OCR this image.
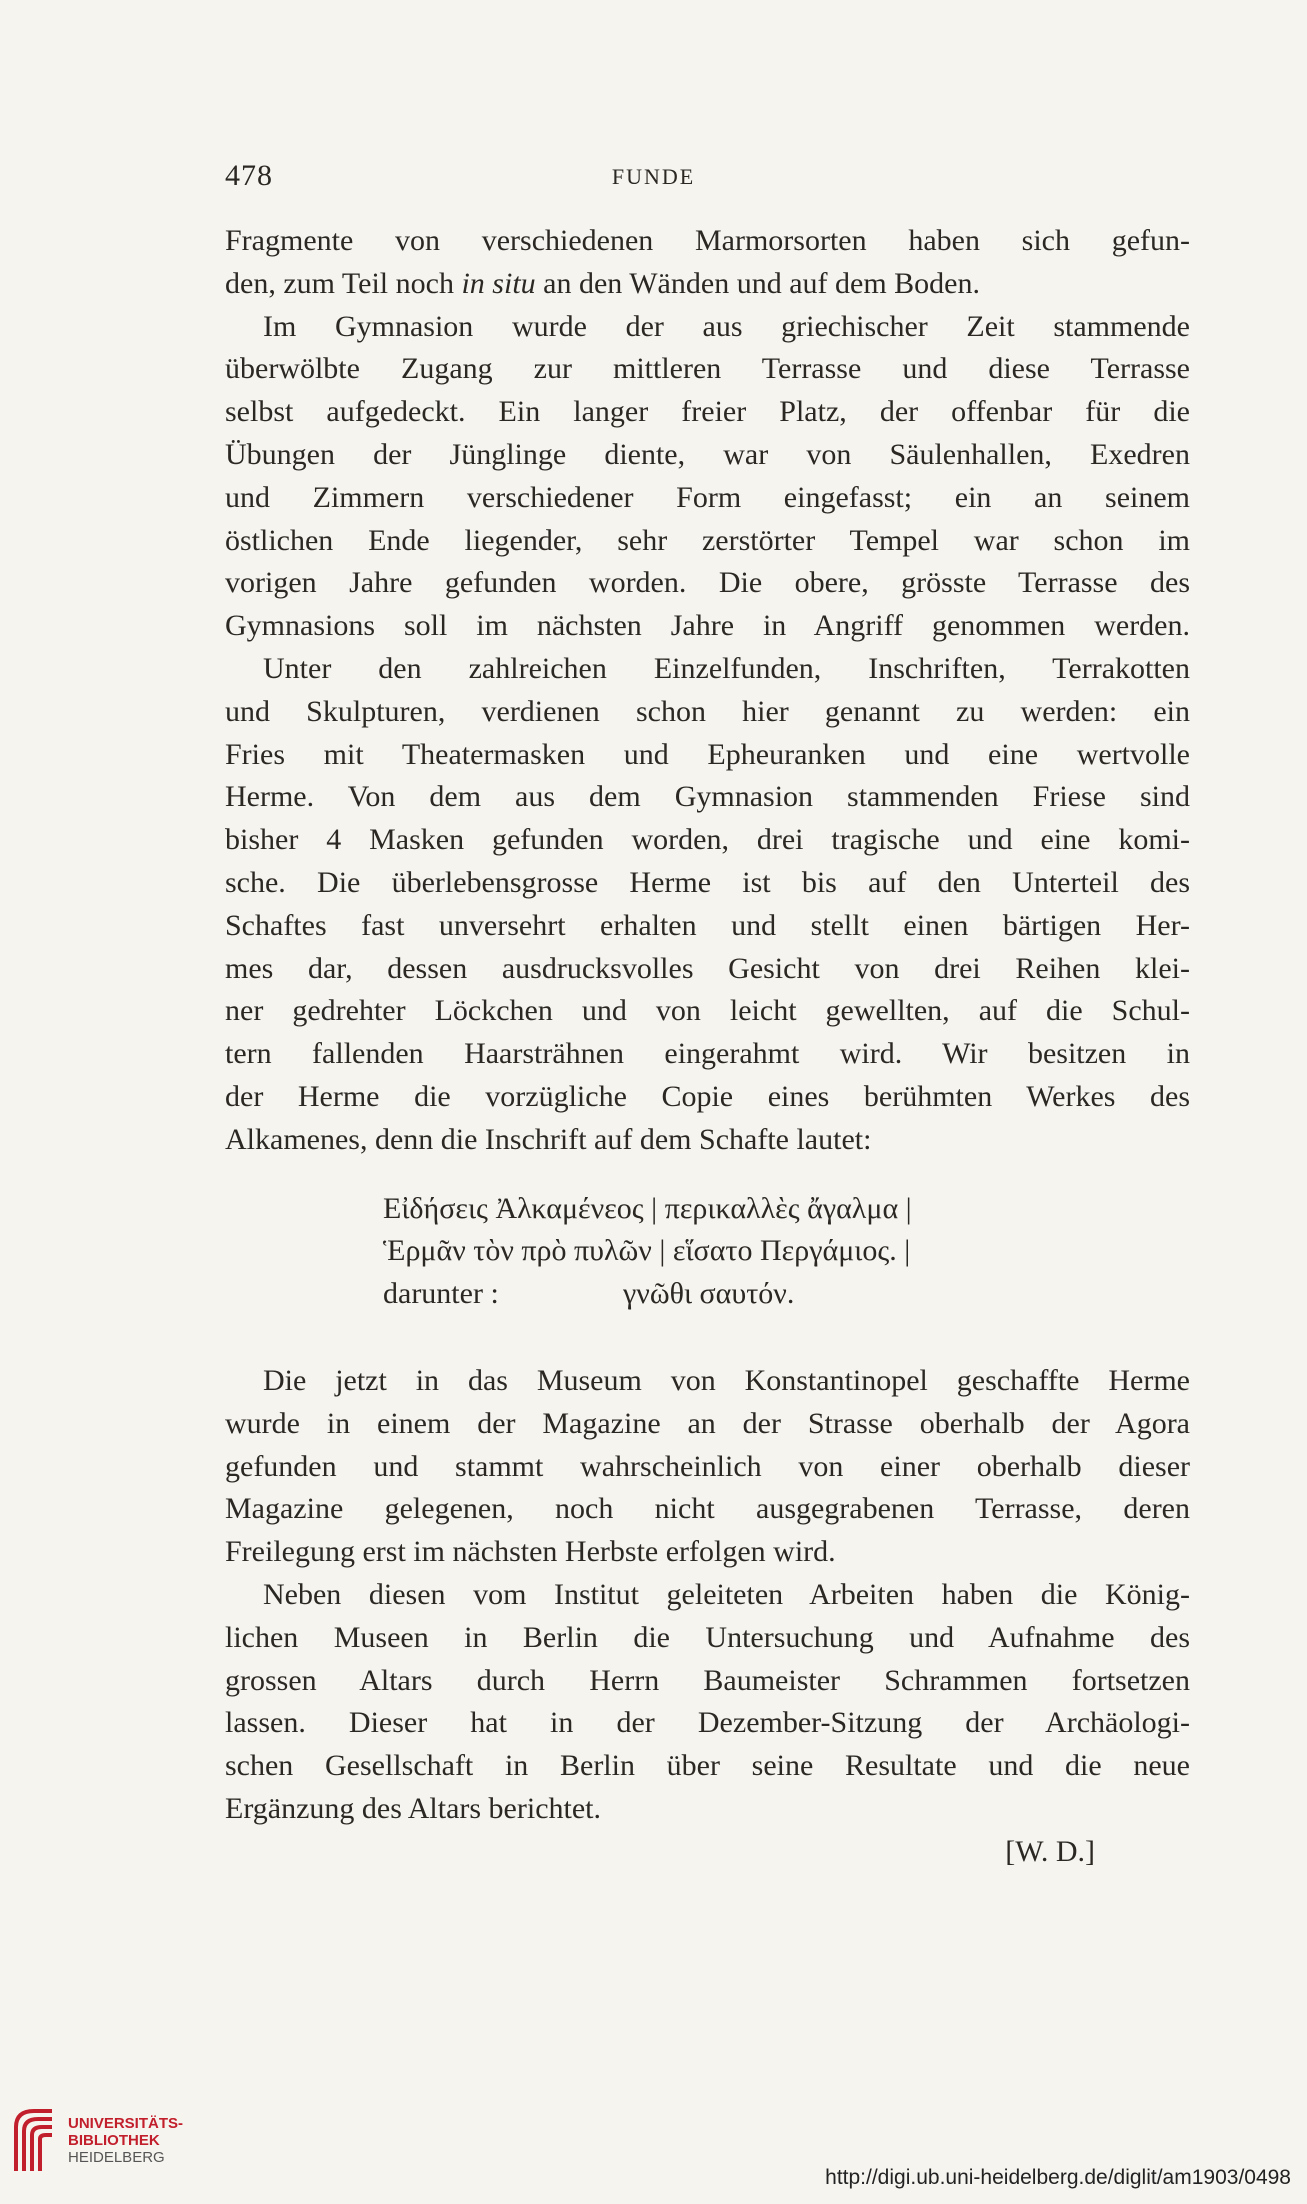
478	FUNDE

Fragmente von verschiedenen Marmorsorten haben sich gefun-

den, zum Teil noch in situ an den Wänden und auf dem Boden.

Im Gymnasion wurde der aus griechischer Zeit stammende

überwölbte Zugang zur mittleren Terrasse und diese Terrasse

selbst aufgedeckt. Ein langer freier Platz, der offenbar für die

Übungen der Jünglinge diente, war von Säulenhallen, Exedren

und Zimmern verschiedener Form eingefasst; ein an seinem

östlichen Ende liegender, sehr zerstörter Tempel war schon im

vorigen Jahre gefunden worden. Die obere, grösste Terrasse des

Gymnasions soll im nächsten Jahre in Angriff genommen werden.

Unter den zahlreichen Einzelfunden, Inschriften, Terrakotten

und Skulpturen, verdienen schon hier genannt zu werden: ein

Fries mit Theatermasken und Epheuranken und eine wertvolle

Herme. Von dem aus dem Gymnasion stammenden Friese sind

bisher 4 Masken gefunden worden, drei tragische und eine komi-

sche. Die überlebensgrosse Herme ist bis auf den Unterteil des

Schaftes fast unversehrt erhalten und stellt einen bärtigen Her-

mes dar, dessen ausdrucksvolles Gesicht von drei Reihen klei-

ner gedrehter Löckchen und von leicht gewellten, auf die Schul-

tern fallenden Haarsträhnen eingerahmt wird. Wir besitzen in

der Herme die vorzügliche Copie eines berühmten Werkes des

Alkamenes, denn die Inschrift auf dem Schafte lautet:

Εἰδήσεις Ἀλκαμένεος | περικαλλὲς ἄγαλμα |
Ἑρμᾶν τὸν πρὸ πυλῶν | εἵσατο Περγάμιος. |
darunter :	γνῶθι σαυτόν.

Die jetzt in das Museum von Konstantinopel geschaffte Herme

wurde in einem der Magazine an der Strasse oberhalb der Agora

gefunden und stammt wahrscheinlich von einer oberhalb dieser

Magazine gelegenen, noch nicht ausgegrabenen Terrasse, deren

Freilegung erst im nächsten Herbste erfolgen wird.

Neben diesen vom Institut geleiteten Arbeiten haben die König-

lichen Museen in Berlin die Untersuchung und Aufnahme des

grossen Altars durch Herrn Baumeister Schrammen fortsetzen

lassen. Dieser hat in der Dezember-Sitzung der Archäologi-

schen Gesellschaft in Berlin über seine Resultate und die neue

Ergänzung des Altars berichtet.

[W. D.]
UNIVERSITÄTS-
BIBLIOTHEK
HEIDELBERG
http://digi.ub.uni-heidelberg.de/diglit/am1903/0498
